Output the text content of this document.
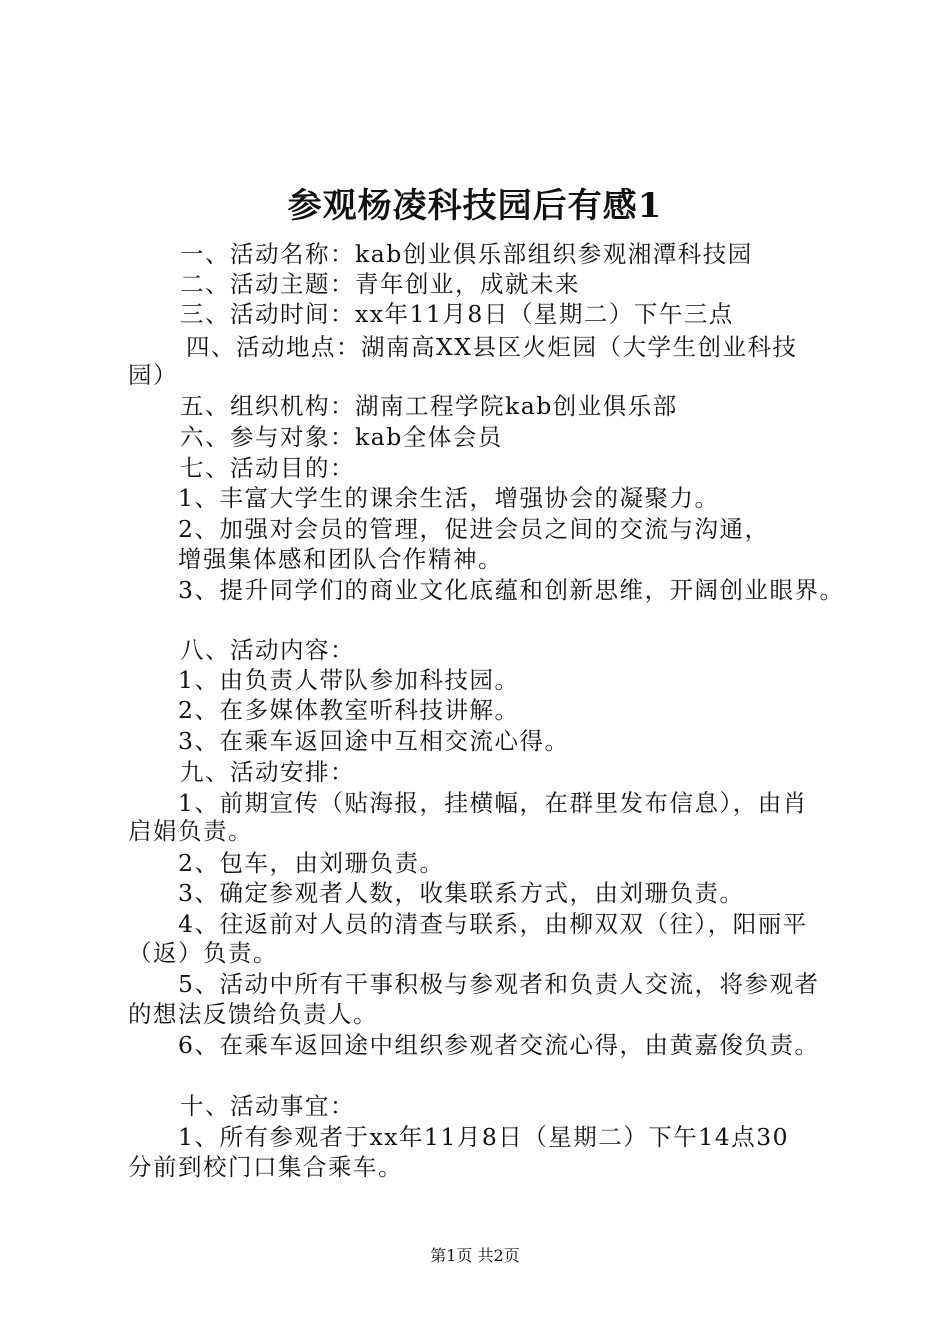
参观杨凌科技园后有感1
一、活动名称：kab创业俱乐部组织参观湘潭科技园
二、活动主题：青年创业，成就未来
三、活动时间：xx年11月8日（星期二）下午三点
四、活动地点：湖南高XX县区火炬园（大学生创业科技
园）
五、组织机构：湖南工程学院kab创业俱乐部
六、参与对象：kab全体会员
七、活动目的：
1、丰富大学生的课余生活，增强协会的凝聚力。
2、加强对会员的管理，促进会员之间的交流与沟通，
增强集体感和团队合作精神。
3、提升同学们的商业文化底蕴和创新思维，开阔创业眼界。
八、活动内容：
1、由负责人带队参加科技园。
2、在多媒体教室听科技讲解。
3、在乘车返回途中互相交流心得。
九、活动安排：
1、前期宣传（贴海报，挂横幅，在群里发布信息），由肖
启娟负责。
2、包车，由刘珊负责。
3、确定参观者人数，收集联系方式，由刘珊负责。
4、往返前对人员的清查与联系，由柳双双（往），阳丽平
（返）负责。
5、活动中所有干事积极与参观者和负责人交流，将参观者
的想法反馈给负责人。
6、在乘车返回途中组织参观者交流心得，由黄嘉俊负责。
十、活动事宜：
1、所有参观者于xx年11月8日（星期二）下午14点30
分前到校门口集合乘车。
第1页 共2页
